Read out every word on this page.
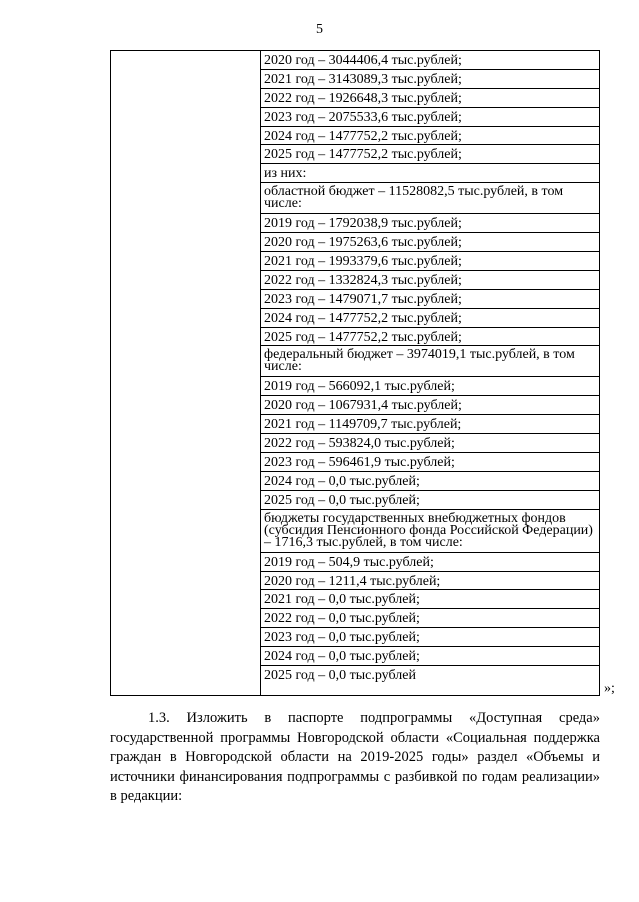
5
2020 год – 3044406,4 тыс.рублей;
2021 год – 3143089,3 тыс.рублей;
2022 год – 1926648,3 тыс.рублей;
2023 год – 2075533,6 тыс.рублей;
2024 год – 1477752,2 тыс.рублей;
2025 год – 1477752,2 тыс.рублей;
из них:
областной бюджет – 11528082,5 тыс.рублей, в том числе:
2019 год – 1792038,9 тыс.рублей;
2020 год – 1975263,6 тыс.рублей;
2021 год – 1993379,6 тыс.рублей;
2022 год – 1332824,3 тыс.рублей;
2023 год – 1479071,7 тыс.рублей;
2024 год – 1477752,2 тыс.рублей;
2025 год – 1477752,2 тыс.рублей;
федеральный бюджет – 3974019,1 тыс.рублей, в том числе:
2019 год – 566092,1 тыс.рублей;
2020 год – 1067931,4 тыс.рублей;
2021 год – 1149709,7 тыс.рублей;
2022 год – 593824,0 тыс.рублей;
2023 год – 596461,9 тыс.рублей;
2024 год – 0,0 тыс.рублей;
2025 год – 0,0 тыс.рублей;
бюджеты государственных внебюджетных фондов (субсидия Пенсионного фонда Российской Федерации) – 1716,3 тыс.рублей, в том числе:
2019 год – 504,9 тыс.рублей;
2020 год – 1211,4 тыс.рублей;
2021 год – 0,0 тыс.рублей;
2022 год – 0,0 тыс.рублей;
2023 год – 0,0 тыс.рублей;
2024 год – 0,0 тыс.рублей;
2025 год – 0,0 тыс.рублей
»;
1.3. Изложить в паспорте подпрограммы «Доступная среда» государственной программы Новгородской области «Социальная поддержка граждан в Новгородской области на 2019-2025 годы» раздел «Объемы и источники финансирования подпрограммы с разбивкой по годам реализации» в редакции:
